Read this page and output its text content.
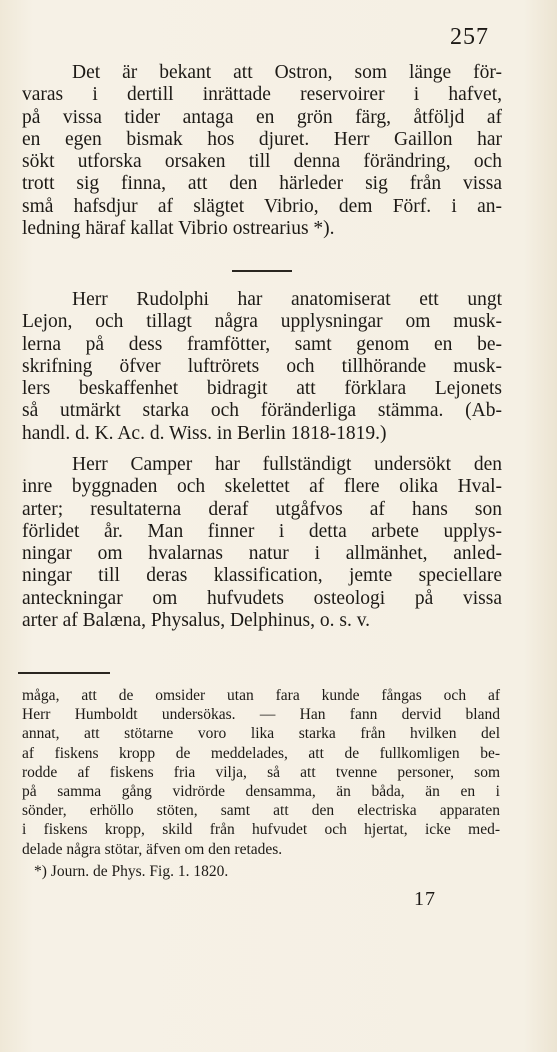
257
Det är bekant att Ostron, som länge för-
varas i dertill inrättade reservoirer i hafvet,
på vissa tider antaga en grön färg, åtföljd af
en egen bismak hos djuret. Herr Gaillon har
sökt utforska orsaken till denna förändring, och
trott sig finna, att den härleder sig från vissa
små hafsdjur af slägtet Vibrio, dem Förf. i an-
ledning häraf kallat Vibrio ostrearius *).
Herr Rudolphi har anatomiserat ett ungt
Lejon, och tillagt några upplysningar om musk-
lerna på dess framfötter, samt genom en be-
skrifning öfver luftrörets och tillhörande musk-
lers beskaffenhet bidragit att förklara Lejonets
så utmärkt starka och föränderliga stämma. (Ab-
handl. d. K. Ac. d. Wiss. in Berlin 1818-1819.)
Herr Camper har fullständigt undersökt den
inre byggnaden och skelettet af flere olika Hval-
arter; resultaterna deraf utgåfvos af hans son
förlidet år. Man finner i detta arbete upplys-
ningar om hvalarnas natur i allmänhet, anled-
ningar till deras klassification, jemte speciellare
anteckningar om hufvudets osteologi på vissa
arter af Balæna, Physalus, Delphinus, o. s. v.
måga, att de omsider utan fara kunde fångas och af
Herr Humboldt undersökas. — Han fann dervid bland
annat, att stötarne voro lika starka från hvilken del
af fiskens kropp de meddelades, att de fullkomligen be-
rodde af fiskens fria vilja, så att tvenne personer, som
på samma gång vidrörde densamma, än båda, än en i
sönder, erhöllo stöten, samt att den electriska apparaten
i fiskens kropp, skild från hufvudet och hjertat, icke med-
delade några stötar, äfven om den retades.
*) Journ. de Phys. Fig. 1. 1820.
17
